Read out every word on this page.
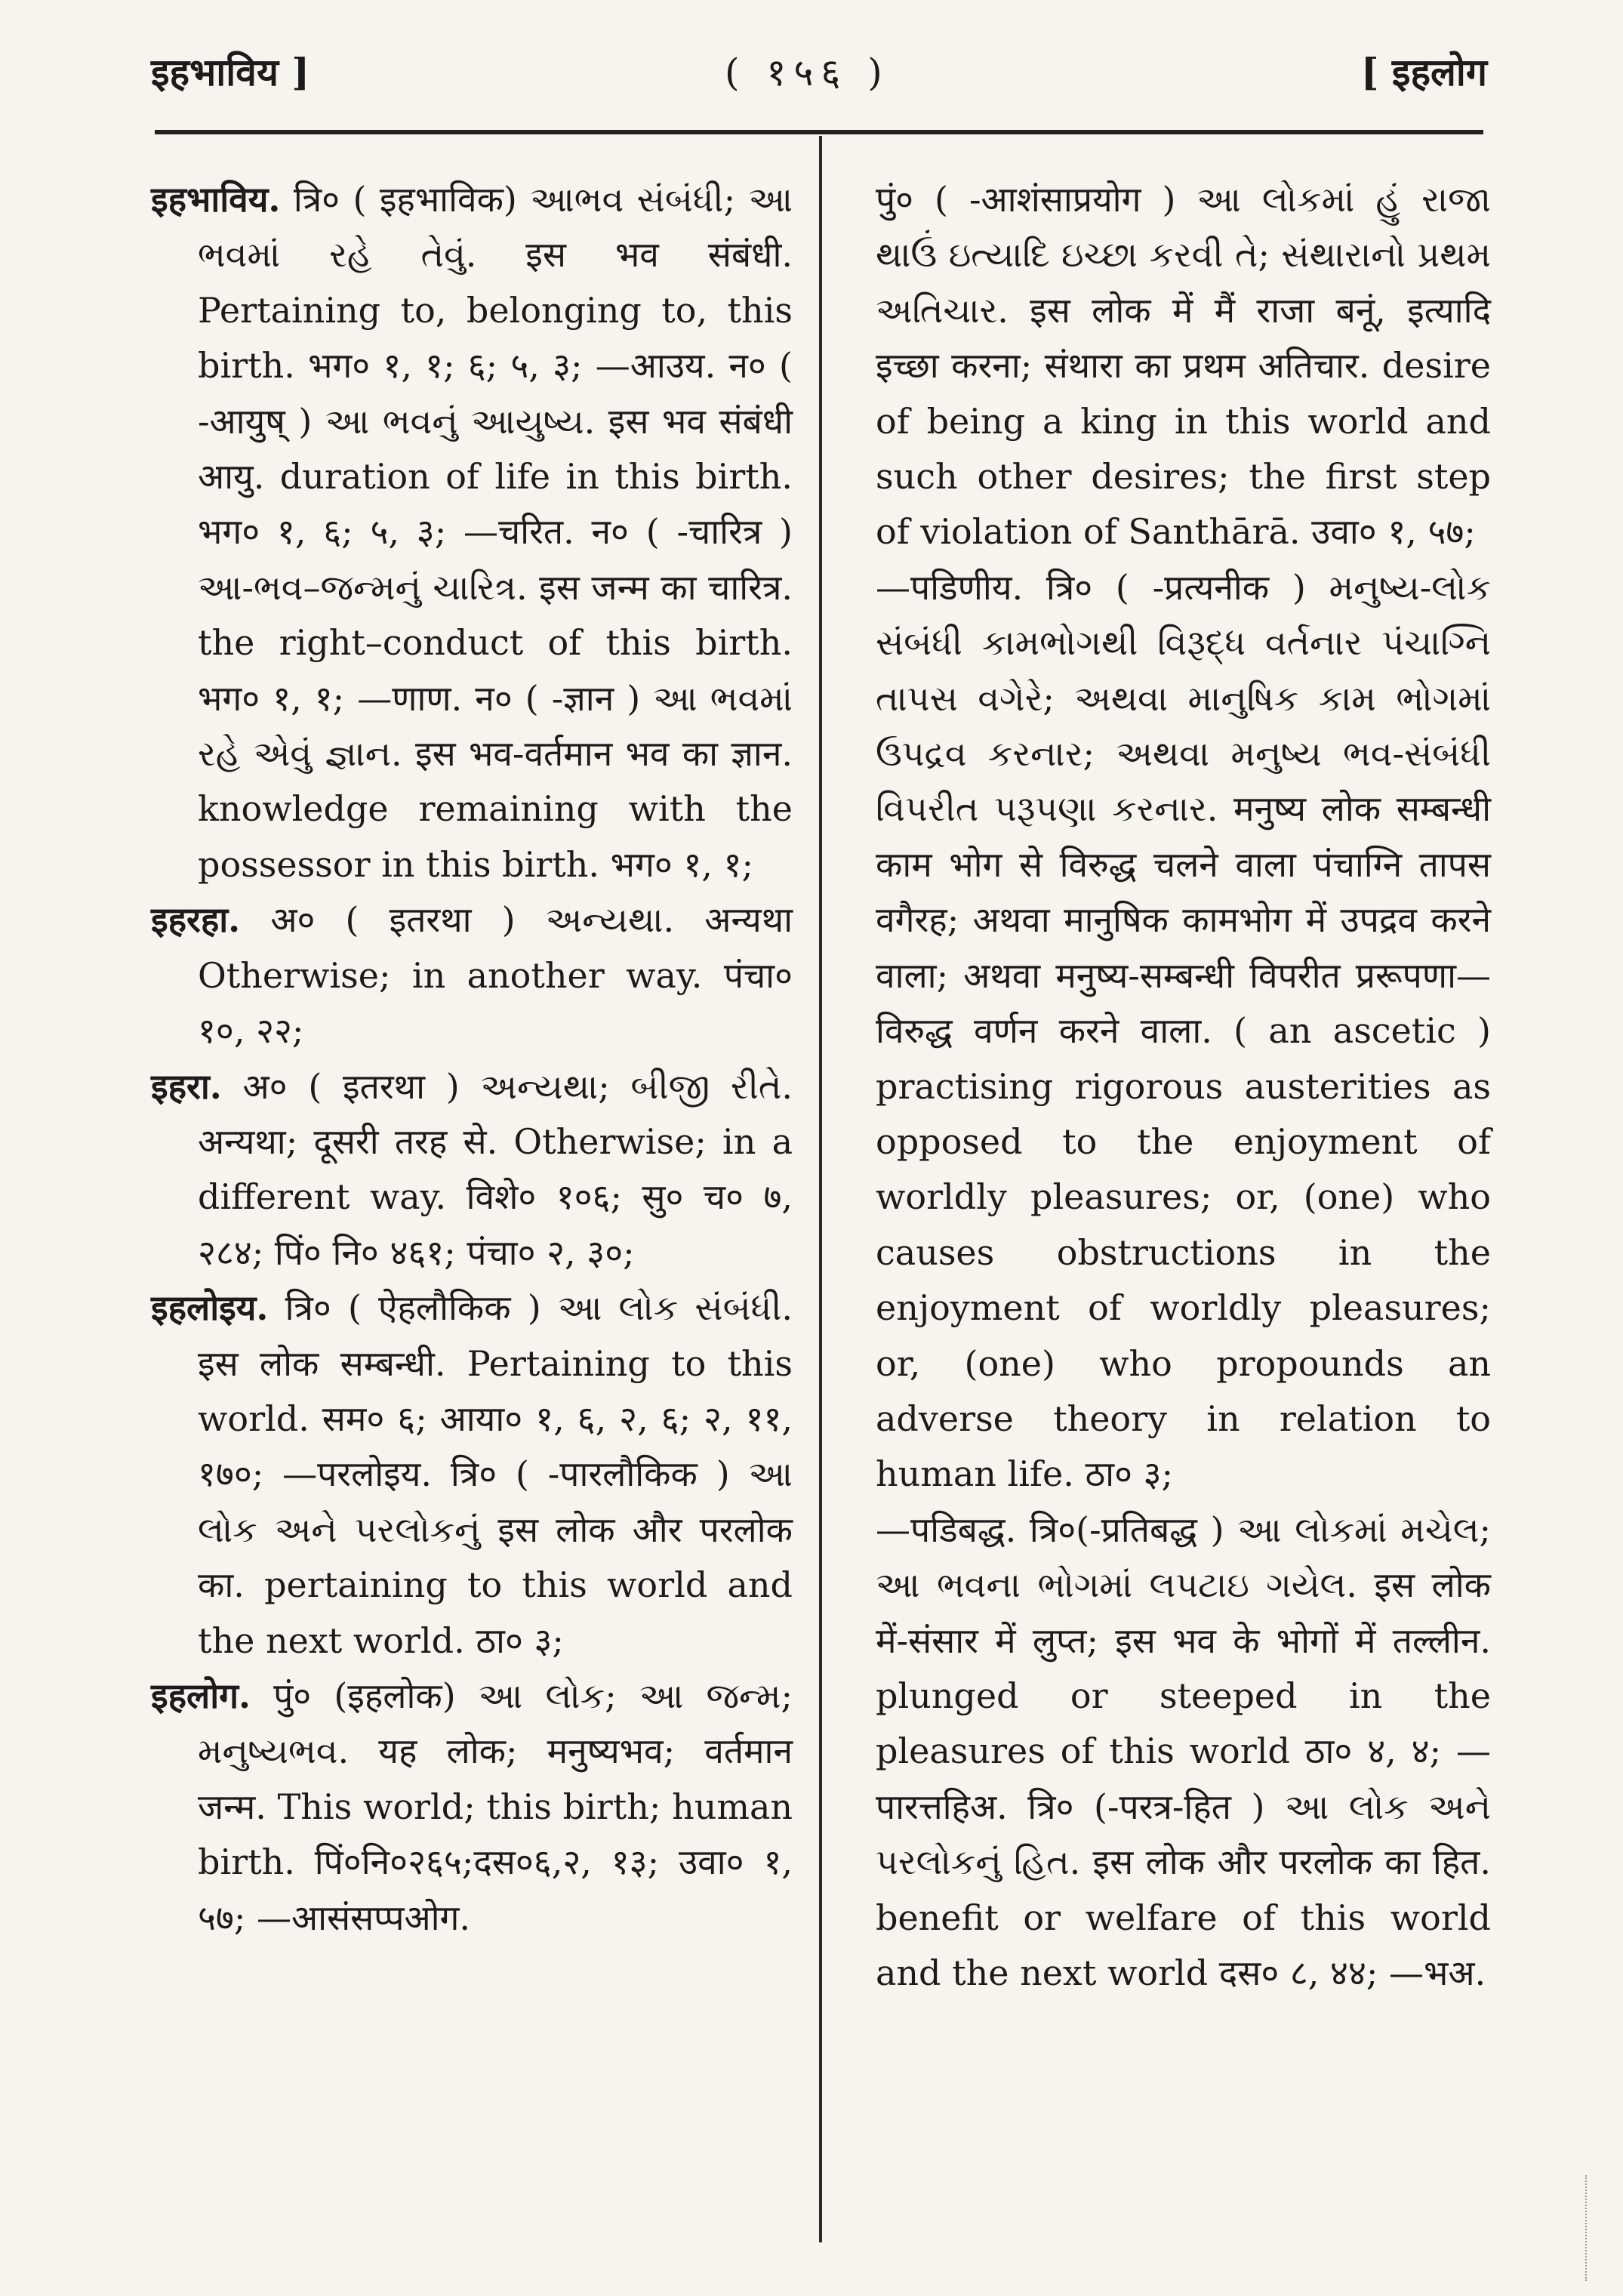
इहभाविय ]	( १५६ )	[ इहलोग

इहभाविय. त्रि० ( इहभाविक) આભવ સંબંધી; આ ભવમાં રહે તેવું. इस भव संबंधी. Pertaining to, belonging to, this birth. भग० १, १; ६; ५, ३; —आउय. न० ( -आयुष् ) આ ભવનું આયુષ્ય. इस भव संबंधी आयु. duration of life in this birth. भग० १, ६; ५, ३; —चरित. न० ( -चारित्र ) આ-ભવ–જન્મનું ચારિત્ર. इस जन्म का चारित्र. the right–conduct of this birth. भग० १, १; —णाण. न० ( -ज्ञान ) આ ભવમાં રહે એવું જ્ઞાન. इस भव-वर्तमान भव का ज्ञान. knowledge remaining with the possessor in this birth. भग० १, १;

इहरहा. अ० ( इतरथा ) અન્યથા. अन्यथा Otherwise; in another way. पंचा० १०, २२;

इहरा. अ० ( इतरथा ) અન્યથા; બીજી રીતે. अन्यथा; दूसरी तरह से. Otherwise; in a different way. विशे० १०६; सु० च० ७, २८४; पिं० नि० ४६१; पंचा० २, ३०;

इहलोइय. त्रि० ( ऐहलौकिक ) આ લોક સંબંધી. इस लोक सम्बन्धी. Pertaining to this world. सम० ६; आया० १, ६, २, ६; २, ११, १७०; —परलोइय. त्रि० ( -पारलौकिक ) આ લોક અને પરલોકનું इस लोक और परलोक का. pertaining to this world and the next world. ठा० ३;

इहलोग. पुं० (इहलोक) આ લોક; આ જન્મ; મનુષ્યભવ. यह लोक; मनुष्यभव; वर्तमान जन्म. This world; this birth; human birth. पिं०नि०२६५;दस०६,२, १३; उवा० १, ५७; —आसंसप्पओग.

पुं० ( -आशंसाप्रयोग ) આ લોકમાં હું રાજા થાઉં ઇત્યાદિ ઇચ્છા કરવી તે; સંથારાનો પ્રથમ અતિચાર. इस लोक में मैं राजा बनूं, इत्यादि इच्छा करना; संथारा का प्रथम अतिचार. desire of being a king in this world and such other desires; the first step of violation of Santhārā. उवा० १, ५७;

—पडिणीय. त्रि० ( -प्रत्यनीक ) મનુષ્ય-લોક સંબંધી કામભોગથી વિરૂદ્ધ વર્તનાર પંચાગ્નિ તાપસ વગેરે; અથવા માનુષિક કામ ભોગમાં ઉપદ્રવ કરનાર; અથવા મનુષ્ય ભવ-સંબંધી વિપરીત પરૂપણા કરનાર. मनुष्य लोक सम्बन्धी काम भोग से विरुद्ध चलने वाला पंचाग्नि तापस वगैरह; अथवा मानुषिक कामभोग में उपद्रव करने वाला; अथवा मनुष्य-सम्बन्धी विपरीत प्ररूपणा—विरुद्ध वर्णन करने वाला. ( an ascetic ) practising rigorous austerities as opposed to the enjoyment of worldly pleasures; or, (one) who causes obstructions in the enjoyment of worldly pleasures; or, (one) who propounds an adverse theory in relation to human life. ठा० ३;

—पडिबद्ध. त्रि०(-प्रतिबद्ध ) આ લોકમાં મચેલ; આ ભવના ભોગમાં લપટાઇ ગયેલ. इस लोक में-संसार में लुप्त; इस भव के भोगों में तल्लीन. plunged or steeped in the pleasures of this world ठा० ४, ४; —पारत्तहिअ. त्रि० (-परत्र-हित ) આ લોક અને પરલોકનું હિત. इस लोक और परलोक का हित. benefit or welfare of this world and the next world दस० ८, ४४; —भअ.
